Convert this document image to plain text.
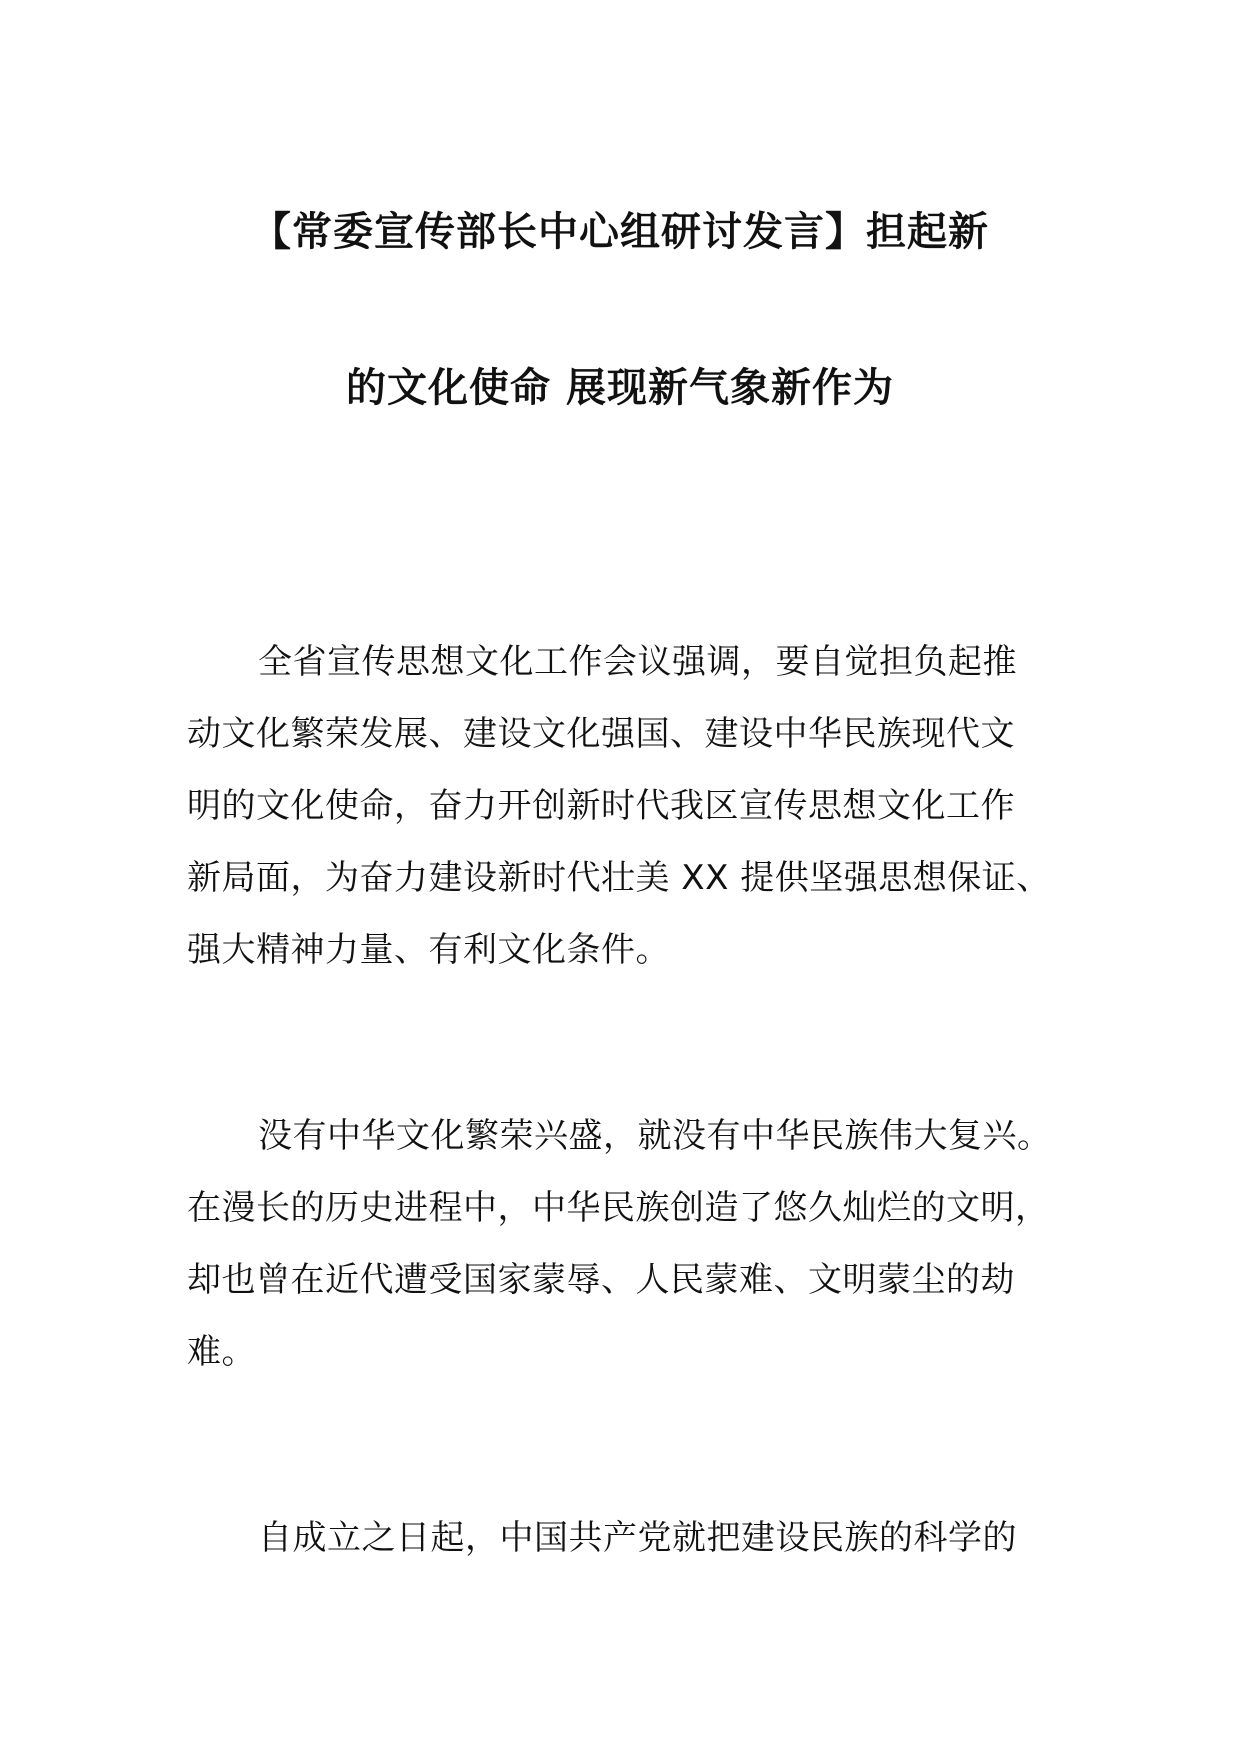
【常委宣传部长中心组研讨发言】担起新
的文化使命 展现新气象新作为
全省宣传思想文化工作会议强调，要自觉担负起推
动文化繁荣发展、建设文化强国、建设中华民族现代文
明的文化使命，奋力开创新时代我区宣传思想文化工作
新局面，为奋力建设新时代壮美 XX 提供坚强思想保证、
强大精神力量、有利文化条件。
没有中华文化繁荣兴盛，就没有中华民族伟大复兴。
在漫长的历史进程中，中华民族创造了悠久灿烂的文明，
却也曾在近代遭受国家蒙辱、人民蒙难、文明蒙尘的劫
难。
自成立之日起，中国共产党就把建设民族的科学的
